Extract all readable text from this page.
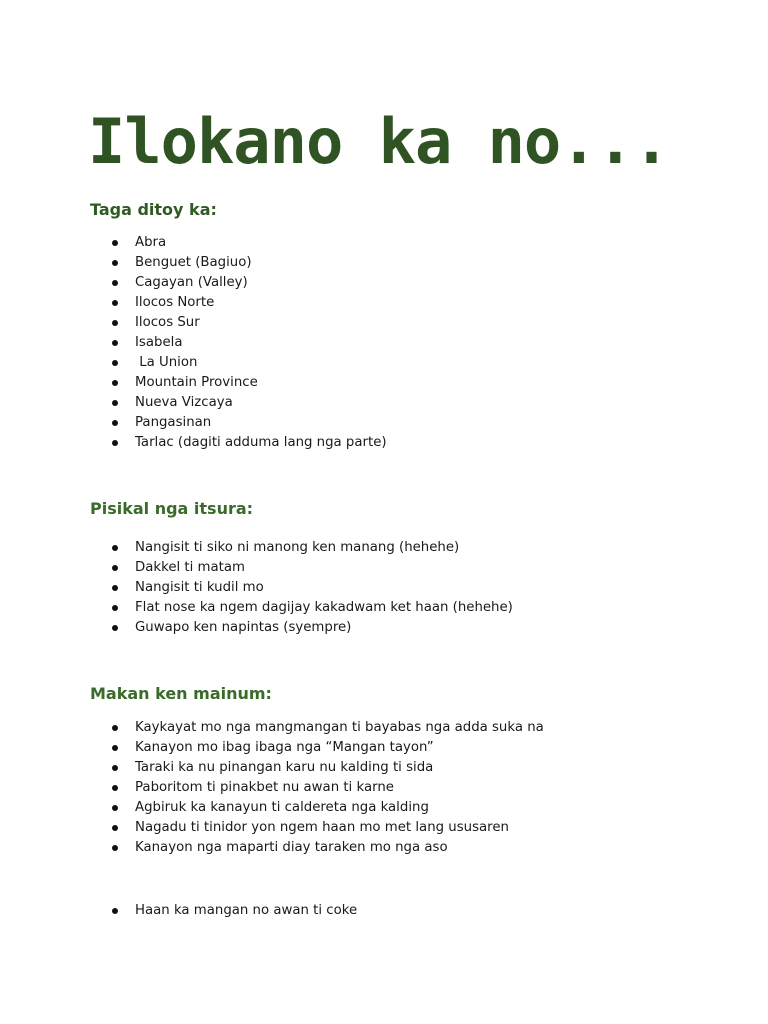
Ilokano ka no...
Taga ditoy ka:
Abra
Benguet (Bagiuo)
Cagayan (Valley)
Ilocos Norte
Ilocos Sur
Isabela
La Union
Mountain Province
Nueva Vizcaya
Pangasinan
Tarlac (dagiti adduma lang nga parte)
Pisikal nga itsura:
Nangisit ti siko ni manong ken manang (hehehe)
Dakkel ti matam
Nangisit ti kudil mo
Flat nose ka ngem dagijay kakadwam ket haan (hehehe)
Guwapo ken napintas (syempre)
Makan ken mainum:
Kaykayat mo nga mangmangan ti bayabas nga adda suka na
Kanayon mo ibag ibaga nga “Mangan tayon”
Taraki ka nu pinangan karu nu kalding ti sida
Paboritom ti pinakbet nu awan ti karne
Agbiruk ka kanayun ti caldereta nga kalding
Nagadu ti tinidor yon ngem haan mo met lang ususaren
Kanayon nga maparti diay taraken mo nga aso
Haan ka mangan no awan ti coke
